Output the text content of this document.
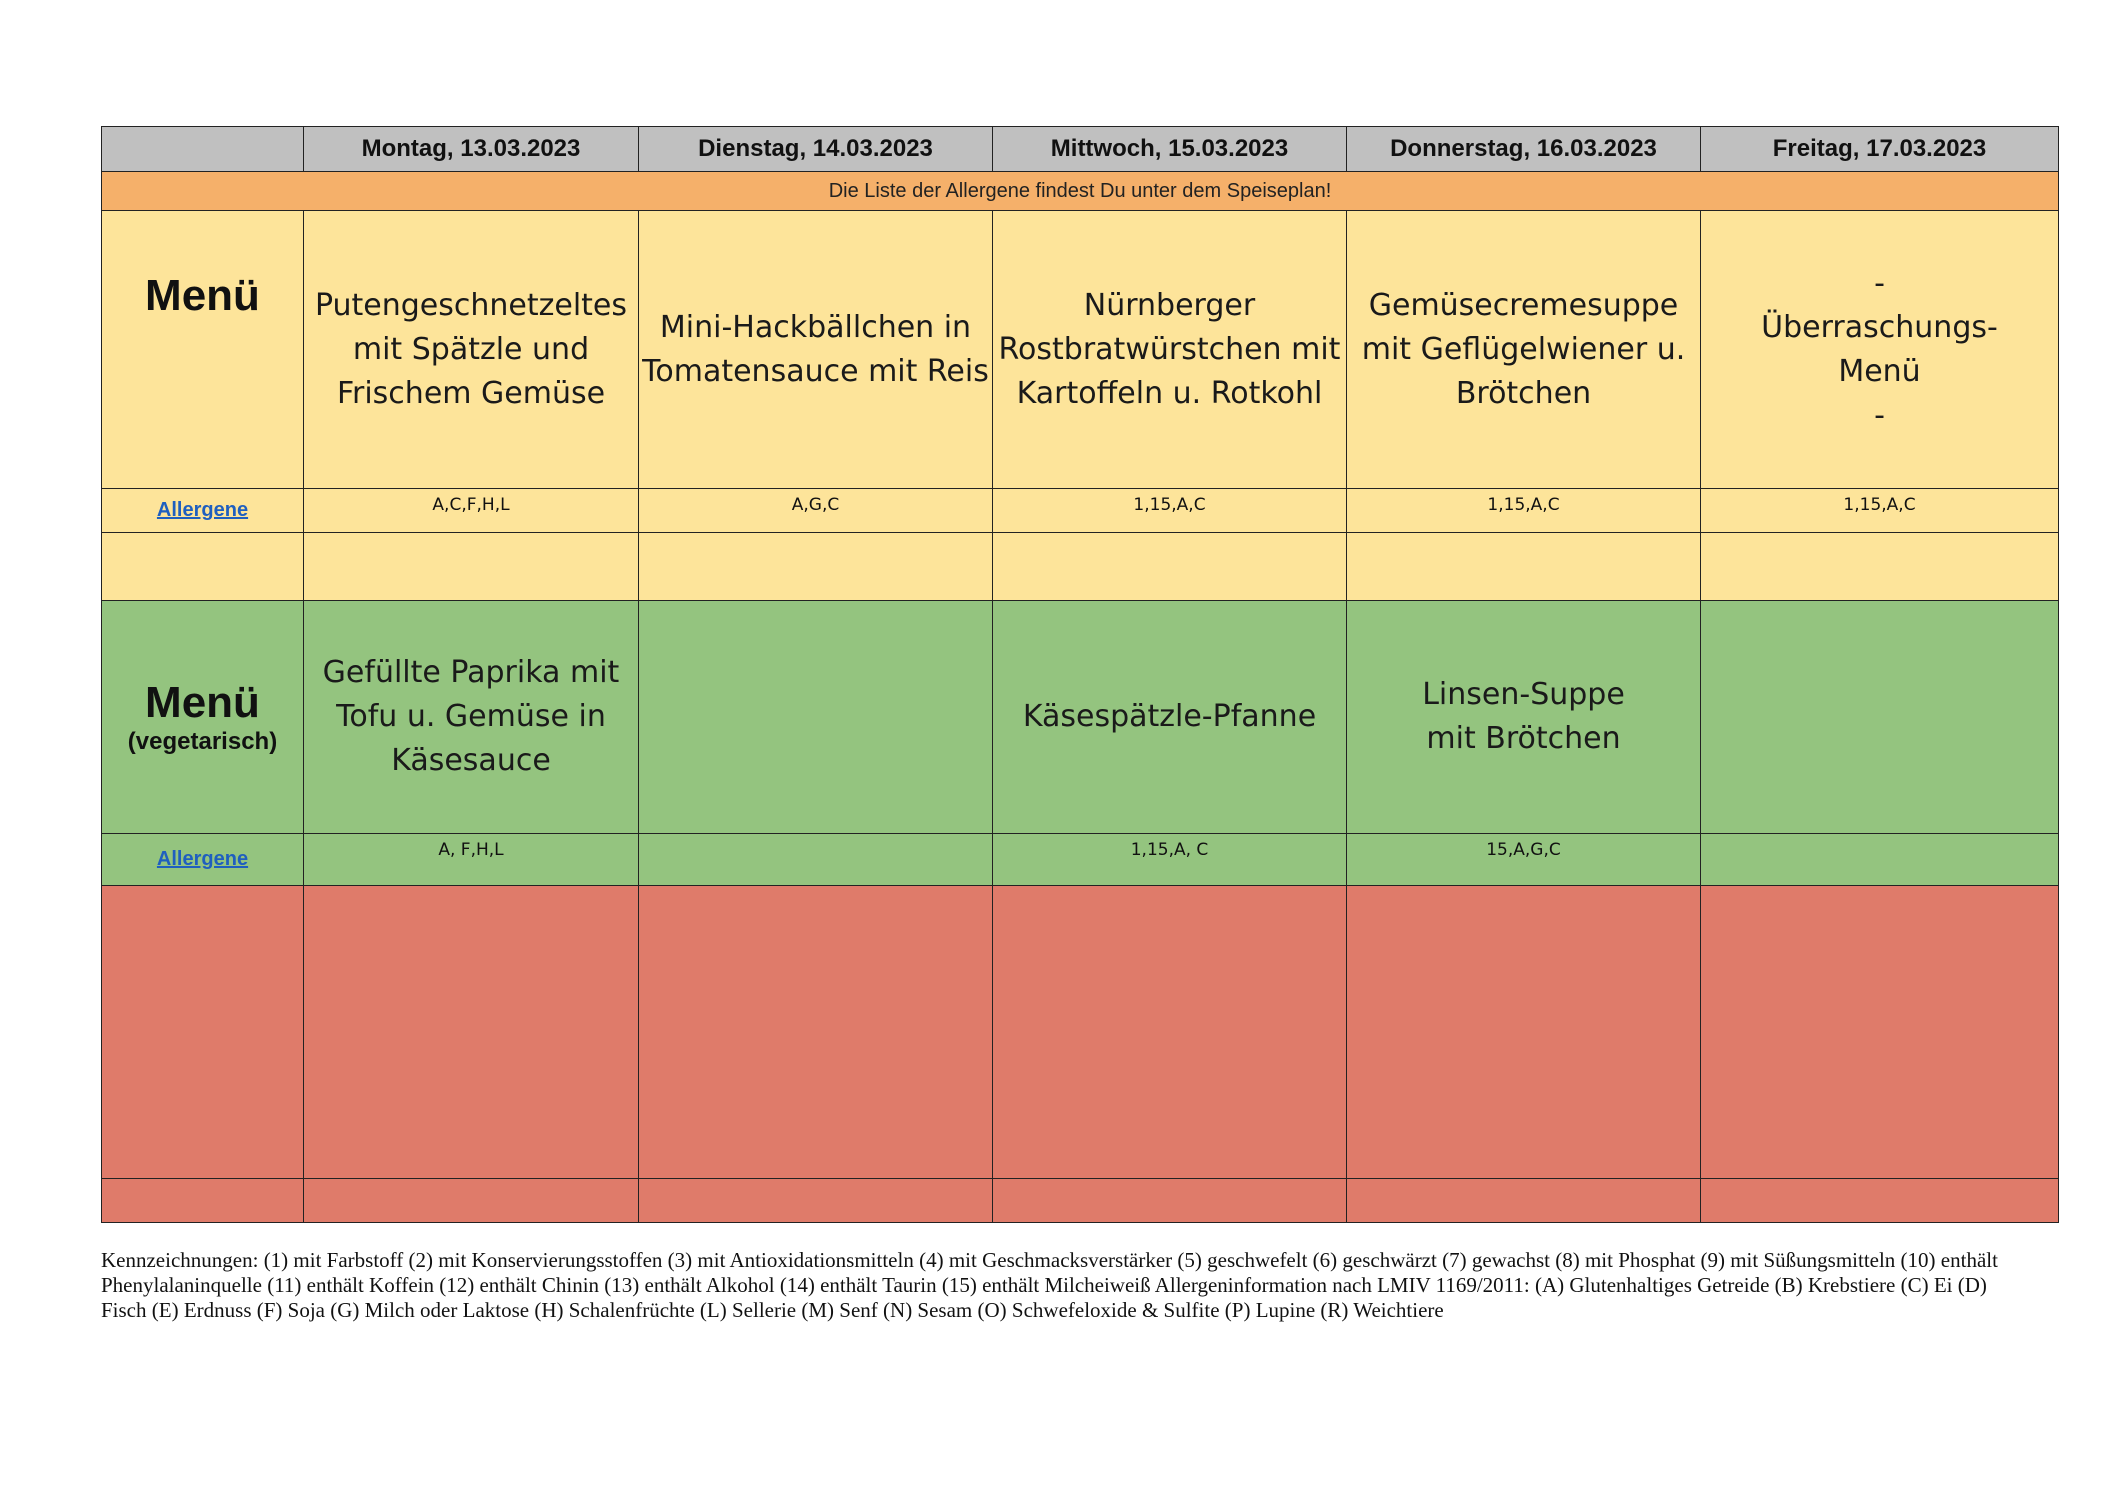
	Montag, 13.03.2023	Dienstag, 14.03.2023	Mittwoch, 15.03.2023	Donnerstag, 16.03.2023	Freitag, 17.03.2023
Die Liste der Allergene findest Du unter dem Speiseplan!					

Menü	Putengeschnetzeltes
mit Spätzle und
Frischem Gemüse	Mini-Hackbällchen in
Tomatensauce mit Reis	Nürnberger
Rostbratwürstchen mit
Kartoffeln u. Rotkohl	Gemüsecremesuppe
mit Geflügelwiener u.
Brötchen	-
Überraschungs-
Menü
-
Allergene	A,C,F,H,L	A,G,C	1,15,A,C	1,15,A,C	1,15,A,C

Menü
(vegetarisch)	Gefüllte Paprika mit
Tofu u. Gemüse in
Käsesauce		Käsespätzle-Pfanne	Linsen-Suppe
mit Brötchen	
Allergene	A, F,H,L		1,15,A, C	15,A,G,C	

Kennzeichnungen: (1) mit Farbstoff (2) mit Konservierungsstoffen (3) mit Antioxidationsmitteln (4) mit Geschmacksverstärker (5) geschwefelt (6) geschwärzt (7) gewachst (8) mit Phosphat (9) mit Süßungsmitteln (10) enthält Phenylalaninquelle (11) enthält Koffein (12) enthält Chinin (13) enthält Alkohol (14) enthält Taurin (15) enthält Milcheiweiß Allergeninformation nach LMIV 1169/2011: (A) Glutenhaltiges Getreide (B) Krebstiere (C) Ei (D) Fisch (E) Erdnuss (F) Soja (G) Milch oder Laktose (H) Schalenfrüchte (L) Sellerie (M) Senf (N) Sesam (O) Schwefeloxide & Sulfite (P) Lupine (R) Weichtiere
